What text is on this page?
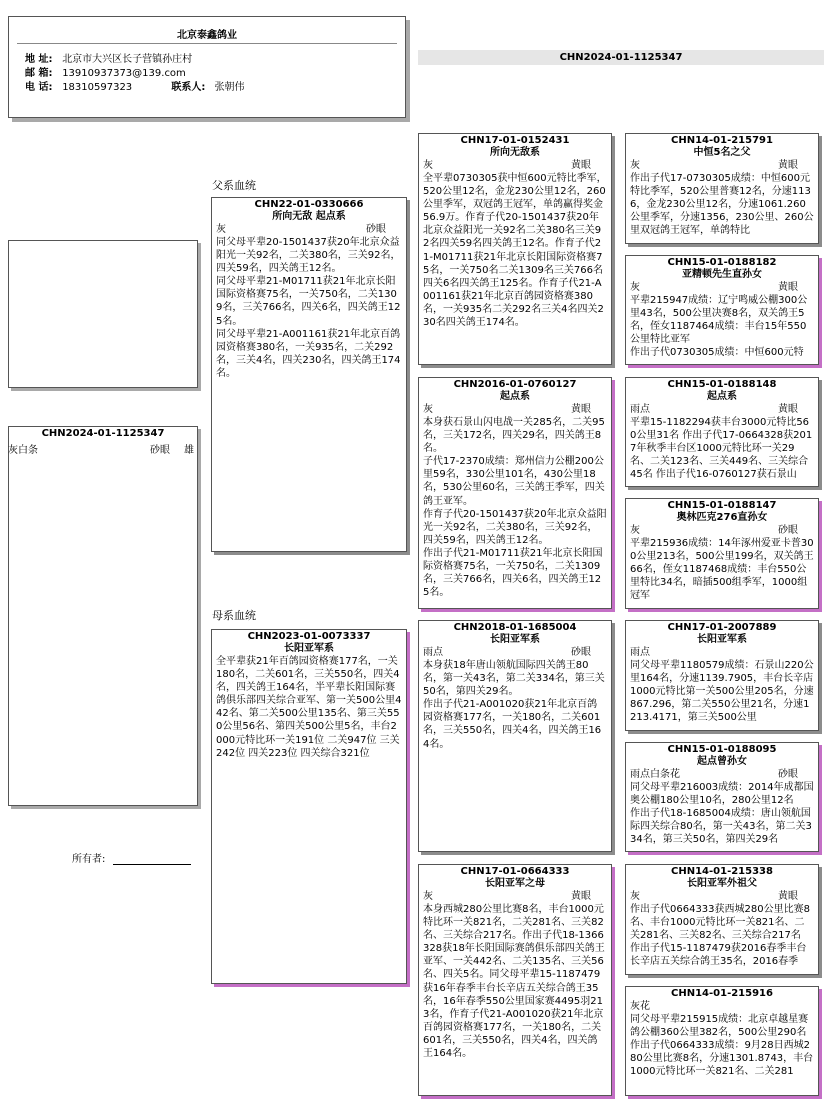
北京泰鑫鸽业
地 址: 北京市大兴区长子营镇孙庄村
邮 箱: 13910937373@139.com
电 话: 18310597323	联系人: 张朝伟
CHN2024-01-1125347
CHN2024-01-1125347
灰白条	砂眼 雄
所有者:
父系血统
母系血统
CHN22-01-0330666
所向无敌 起点系
灰	砂眼
同父母平辈20-1501437获20年北京众益阳光一关92名，二关380名，三关92名，四关59名，四关鸽王12名。
同父母平辈21-M01711获21年北京长阳国际资格赛75名，一关750名，二关1309名，三关766名，四关6名，四关鸽王125名。
同父母平辈21-A001161获21年北京百鸽园资格赛380名，一关935名，二关292名，三关4名，四关230名，四关鸽王174名。
CHN2023-01-0073337
长阳亚军系
全平辈获21年百鸽园资格赛177名，一关180名，二关601名，三关550名，四关4名，四关鸽王164名，半平辈长阳国际赛鸽俱乐部四关综合亚军、第一关500公里442名、第二关500公里135名、第三关550公里56名、第四关500公里5名，丰台2000元特比环一关191位 二关947位 三关242位 四关223位 四关综合321位
CHN17-01-0152431
所向无敌系
灰	黄眼
全平辈0730305获中恒600元特比季军，520公里12名，金龙230公里12名，260公里季军，双冠鸽王冠军，单鸽赢得奖金56.9万。作育子代20-1501437获20年北京众益阳光一关92名二关380名三关92名四关59名四关鸽王12名。作育子代21-M01711获21年北京长阳国际资格赛75名，一关750名二关1309名三关766名四关6名四关鸽王125名。作育子代21-A001161获21年北京百鸽园资格赛380名，一关935名二关292名三关4名四关230名四关鸽王174名。
CHN2016-01-0760127
起点系
灰	黄眼
本身获石景山闪电战一关285名，二关95名，三关172名，四关29名，四关鸽王8名。
子代17-2370成绩：郑州信力公棚200公里59名，330公里101名，430公里18名，530公里60名，三关鸽王季军，四关鸽王亚军。
作育子代20-1501437获20年北京众益阳光一关92名，二关380名，三关92名，四关59名，四关鸽王12名。
作出子代21-M01711获21年北京长阳国际资格赛75名，一关750名，二关1309名，三关766名，四关6名，四关鸽王125名。
CHN2018-01-1685004
长阳亚军系
雨点	砂眼
本身获18年唐山领航国际四关鸽王80名，第一关43名，第二关334名，第三关50名，第四关29名。
作出子代21-A001020获21年北京百鸽园资格赛177名，一关180名，二关601名，三关550名，四关4名，四关鸽王164名。
CHN17-01-0664333
长阳亚军之母
灰	黄眼
本身西城280公里比赛8名，丰台1000元特比环一关821名，二关281名、三关82名、三关综合217名。作出子代18-1366328获18年长阳国际赛鸽俱乐部四关鸽王亚军、一关442名、二关135名、三关56名、四关5名。同父母平辈15-1187479获16年春季丰台长辛店五关综合鸽王35名，16年春季550公里国家赛4495羽213名，作育子代21-A001020获21年北京百鸽园资格赛177名，一关180名，二关601名，三关550名，四关4名，四关鸽王164名。
CHN14-01-215791
中恒5名之父
灰	黄眼
作出子代17-0730305成绩：中恒600元特比季军，520公里普赛12名，分速1136，金龙230公里12名，分速1061.260公里季军，分速1356，230公里、260公里双冠鸽王冠军，单鸽特比
CHN15-01-0188182
亚精顿先生直孙女
灰	黄眼
平辈215947成绩：辽宁鸣威公棚300公里43名，500公里决赛8名，双关鸽王5名，侄女1187464成绩：丰台15年550公里特比亚军
作出子代0730305成绩：中恒600元特
CHN15-01-0188148
起点系
雨点	黄眼
平辈15-1182294获丰台3000元特比560公里31名 作出子代17-0664328获2017年秋季丰台区1000元特比环一关29名、二关123名、三关449名、三关综合45名 作出子代16-0760127获石景山
CHN15-01-0188147
奥林匹克276直孙女
灰	砂眼
平辈215936成绩：14年涿州爱亚卡普300公里213名，500公里199名，双关鸽王66名，侄女1187468成绩：丰台550公里特比34名，暗插500组季军，1000组冠军
CHN17-01-2007889
长阳亚军系
雨点
同父母平辈1180579成绩：石景山220公里164名，分速1139.7905，丰台长辛店1000元特比第一关500公里205名，分速867.296，第二关550公里21名，分速1213.4171，第三关500公里
CHN15-01-0188095
起点曾孙女
雨点白条花	砂眼
同父母平辈216003成绩：2014年成都国奥公棚180公里10名，280公里12名
作出子代18-1685004成绩：唐山领航国际四关综合80名，第一关43名，第二关334名，第三关50名，第四关29名
CHN14-01-215338
长阳亚军外祖父
灰	黄眼
作出子代0664333获西城280公里比赛8名、丰台1000元特比环一关821名、二关281名、三关82名、三关综合217名
作出子代15-1187479获2016春季丰台长辛店五关综合鸽王35名，2016春季
CHN14-01-215916
灰花
同父母平辈215915成绩：北京卓越星赛鸽公棚360公里382名，500公里290名
作出子代0664333成绩：9月28日西城280公里比赛8名，分速1301.8743，丰台1000元特比环一关821名、二关281
